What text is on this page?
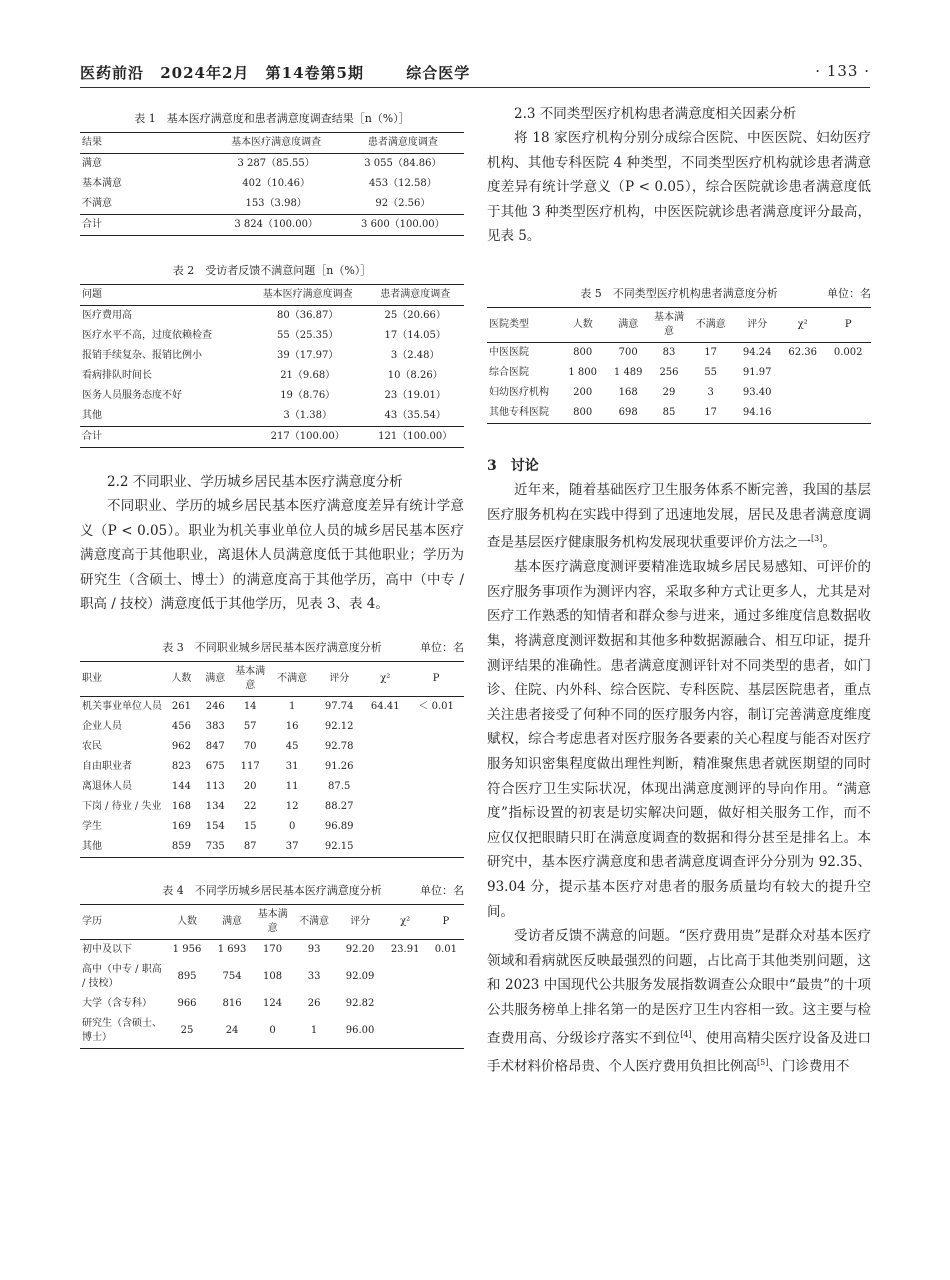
医药前沿 2024年2月 第14卷第5期	综合医学	· 133 ·
表 1　基本医疗满意度和患者满意度调查结果［n（%）］
结果	基本医疗满意度调查	患者满意度调查
满意	3 287（85.55）	3 055（84.86）
基本满意	402（10.46）	453（12.58）
不满意	153（3.98）	92（2.56）
合计	3 824（100.00）	3 600（100.00）
表 2　受访者反馈不满意问题［n（%）］
问题	基本医疗满意度调查	患者满意度调查
医疗费用高	80（36.87）	25（20.66）
医疗水平不高，过度依赖检查	55（25.35）	17（14.05）
报销手续复杂、报销比例小	39（17.97）	3（2.48）
看病排队时间长	21（9.68）	10（8.26）
医务人员服务态度不好	19（8.76）	23（19.01）
其他	3（1.38）	43（35.54）
合计	217（100.00）	121（100.00）
2.2 不同职业、学历城乡居民基本医疗满意度分析

不同职业、学历的城乡居民基本医疗满意度差异有统计学意义（P < 0.05）。职业为机关事业单位人员的城乡居民基本医疗满意度高于其他职业，离退休人员满意度低于其他职业；学历为研究生（含硕士、博士）的满意度高于其他学历，高中（中专 / 职高 / 技校）满意度低于其他学历，见表 3、表 4。

表 3　不同职业城乡居民基本医疗满意度分析	单位：名
职业	人数	满意	基本满意	不满意	评分	χ²	P
机关事业单位人员	261	246	14	1	97.74	64.41	＜ 0.01
企业人员	456	383	57	16	92.12		
农民	962	847	70	45	92.78		
自由职业者	823	675	117	31	91.26		
离退休人员	144	113	20	11	87.5		
下岗 / 待业 / 失业	168	134	22	12	88.27		
学生	169	154	15	0	96.89		
其他	859	735	87	37	92.15		
表 4　不同学历城乡居民基本医疗满意度分析	单位：名
学历	人数	满意	基本满意	不满意	评分	χ²	P
初中及以下	1 956	1 693	170	93	92.20	23.91	0.01
高中（中专 / 职高 / 技校）	895	754	108	33	92.09		
大学（含专科）	966	816	124	26	92.82		
研究生（含硕士、博士）	25	24	0	1	96.00		
2.3 不同类型医疗机构患者满意度相关因素分析

将 18 家医疗机构分别分成综合医院、中医医院、妇幼医疗机构、其他专科医院 4 种类型，不同类型医疗机构就诊患者满意度差异有统计学意义（P < 0.05），综合医院就诊患者满意度低于其他 3 种类型医疗机构，中医医院就诊患者满意度评分最高，见表 5。

表 5　不同类型医疗机构患者满意度分析	单位：名
医院类型	人数	满意	基本满意	不满意	评分	χ²	P
中医医院	800	700	83	17	94.24	62.36	0.002
综合医院	1 800	1 489	256	55	91.97		
妇幼医疗机构	200	168	29	3	93.40		
其他专科医院	800	698	85	17	94.16		
3　讨论

近年来，随着基础医疗卫生服务体系不断完善，我国的基层医疗服务机构在实践中得到了迅速地发展，居民及患者满意度调查是基层医疗健康服务机构发展现状重要评价方法之一[3]。

基本医疗满意度测评要精准选取城乡居民易感知、可评价的医疗服务事项作为测评内容，采取多种方式让更多人，尤其是对医疗工作熟悉的知情者和群众参与进来，通过多维度信息数据收集，将满意度测评数据和其他多种数据源融合、相互印证，提升测评结果的准确性。患者满意度测评针对不同类型的患者，如门诊、住院、内外科、综合医院、专科医院、基层医院患者，重点关注患者接受了何种不同的医疗服务内容，制订完善满意度维度赋权，综合考虑患者对医疗服务各要素的关心程度与能否对医疗服务知识密集程度做出理性判断，精准聚焦患者就医期望的同时符合医疗卫生实际状况，体现出满意度测评的导向作用。“满意度”指标设置的初衷是切实解决问题，做好相关服务工作，而不应仅仅把眼睛只盯在满意度调查的数据和得分甚至是排名上。本研究中，基本医疗满意度和患者满意度调查评分分别为 92.35、93.04 分，提示基本医疗对患者的服务质量均有较大的提升空间。

受访者反馈不满意的问题。“医疗费用贵”是群众对基本医疗领域和看病就医反映最强烈的问题，占比高于其他类别问题，这和 2023 中国现代公共服务发展指数调查公众眼中“最贵”的十项公共服务榜单上排名第一的是医疗卫生内容相一致。这主要与检查费用高、分级诊疗落实不到位[4]、使用高精尖医疗设备及进口手术材料价格昂贵、个人医疗费用负担比例高[5]、门诊费用不
